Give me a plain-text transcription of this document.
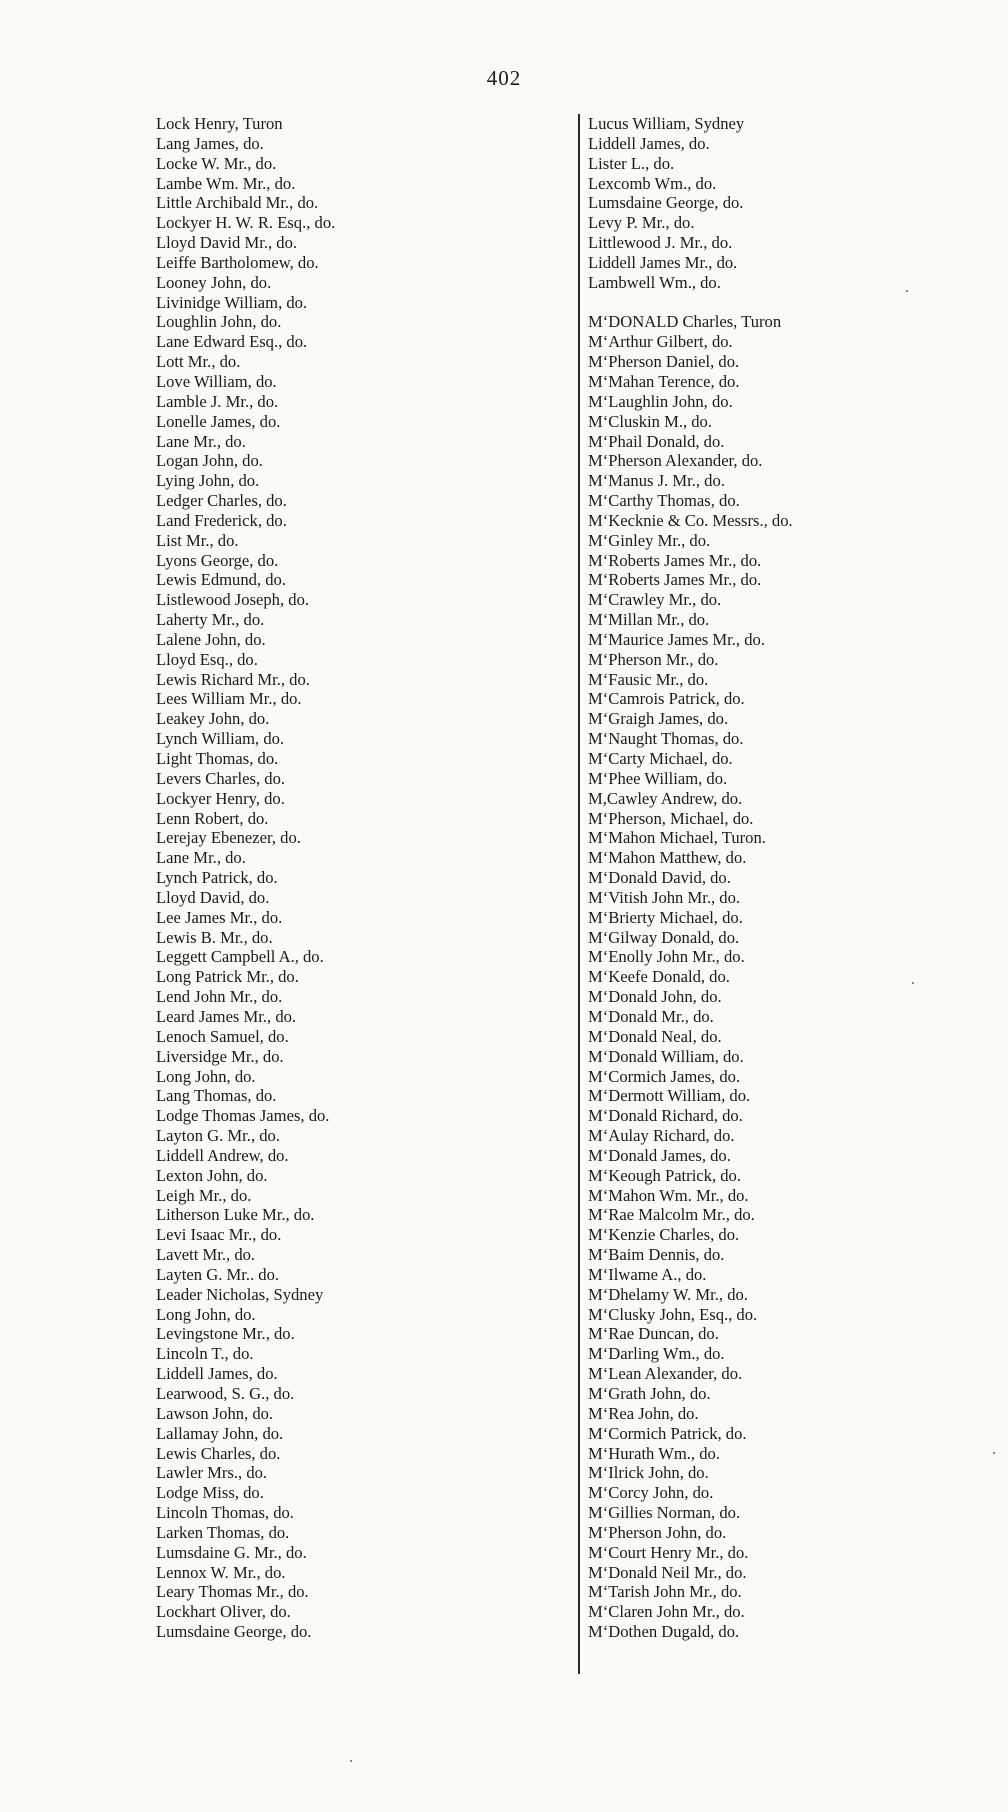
402
Lock Henry, Turon
Lang James, do.
Locke W. Mr., do.
Lambe Wm. Mr., do.
Little Archibald Mr., do.
Lockyer H. W. R. Esq., do.
Lloyd David Mr., do.
Leiffe Bartholomew, do.
Looney John, do.
Livinidge William, do.
Loughlin John, do.
Lane Edward Esq., do.
Lott Mr., do.
Love William, do.
Lamble J. Mr., do.
Lonelle James, do.
Lane Mr., do.
Logan John, do.
Lying John, do.
Ledger Charles, do.
Land Frederick, do.
List Mr., do.
Lyons George, do.
Lewis Edmund, do.
Listlewood Joseph, do.
Laherty Mr., do.
Lalene John, do.
Lloyd Esq., do.
Lewis Richard Mr., do.
Lees William Mr., do.
Leakey John, do.
Lynch William, do.
Light Thomas, do.
Levers Charles, do.
Lockyer Henry, do.
Lenn Robert, do.
Lerejay Ebenezer, do.
Lane Mr., do.
Lynch Patrick, do.
Lloyd David, do.
Lee James Mr., do.
Lewis B. Mr., do.
Leggett Campbell A., do.
Long Patrick Mr., do.
Lend John Mr., do.
Leard James Mr., do.
Lenoch Samuel, do.
Liversidge Mr., do.
Long John, do.
Lang Thomas, do.
Lodge Thomas James, do.
Layton G. Mr., do.
Liddell Andrew, do.
Lexton John, do.
Leigh Mr., do.
Litherson Luke Mr., do.
Levi Isaac Mr., do.
Lavett Mr., do.
Layten G. Mr.. do.
Leader Nicholas, Sydney
Long John, do.
Levingstone Mr., do.
Lincoln T., do.
Liddell James, do.
Learwood, S. G., do.
Lawson John, do.
Lallamay John, do.
Lewis Charles, do.
Lawler Mrs., do.
Lodge Miss, do.
Lincoln Thomas, do.
Larken Thomas, do.
Lumsdaine G. Mr., do.
Lennox W. Mr., do.
Leary Thomas Mr., do.
Lockhart Oliver, do.
Lumsdaine George, do.
Lucus William, Sydney
Liddell James, do.
Lister L., do.
Lexcomb Wm., do.
Lumsdaine George, do.
Levy P. Mr., do.
Littlewood J. Mr., do.
Liddell James Mr., do.
Lambwell Wm., do.
M‘DONALD Charles, Turon
M‘Arthur Gilbert, do.
M‘Pherson Daniel, do.
M‘Mahan Terence, do.
M‘Laughlin John, do.
M‘Cluskin M., do.
M‘Phail Donald, do.
M‘Pherson Alexander, do.
M‘Manus J. Mr., do.
M‘Carthy Thomas, do.
M‘Kecknie & Co. Messrs., do.
M‘Ginley Mr., do.
M‘Roberts James Mr., do.
M‘Roberts James Mr., do.
M‘Crawley Mr., do.
M‘Millan Mr., do.
M‘Maurice James Mr., do.
M‘Pherson Mr., do.
M‘Fausic Mr., do.
M‘Camrois Patrick, do.
M‘Graigh James, do.
M‘Naught Thomas, do.
M‘Carty Michael, do.
M‘Phee William, do.
M,Cawley Andrew, do.
M‘Pherson, Michael, do.
M‘Mahon Michael, Turon.
M‘Mahon Matthew, do.
M‘Donald David, do.
M‘Vitish John Mr., do.
M‘Brierty Michael, do.
M‘Gilway Donald, do.
M‘Enolly John Mr., do.
M‘Keefe Donald, do.
M‘Donald John, do.
M‘Donald Mr., do.
M‘Donald Neal, do.
M‘Donald William, do.
M‘Cormich James, do.
M‘Dermott William, do.
M‘Donald Richard, do.
M‘Aulay Richard, do.
M‘Donald James, do.
M‘Keough Patrick, do.
M‘Mahon Wm. Mr., do.
M‘Rae Malcolm Mr., do.
M‘Kenzie Charles, do.
M‘Baim Dennis, do.
M‘Ilwame A., do.
M‘Dhelamy W. Mr., do.
M‘Clusky John, Esq., do.
M‘Rae Duncan, do.
M‘Darling Wm., do.
M‘Lean Alexander, do.
M‘Grath John, do.
M‘Rea John, do.
M‘Cormich Patrick, do.
M‘Hurath Wm., do.
M‘Ilrick John, do.
M‘Corcy John, do.
M‘Gillies Norman, do.
M‘Pherson John, do.
M‘Court Henry Mr., do.
M‘Donald Neil Mr., do.
M‘Tarish John Mr., do.
M‘Claren John Mr., do.
M‘Dothen Dugald, do.
